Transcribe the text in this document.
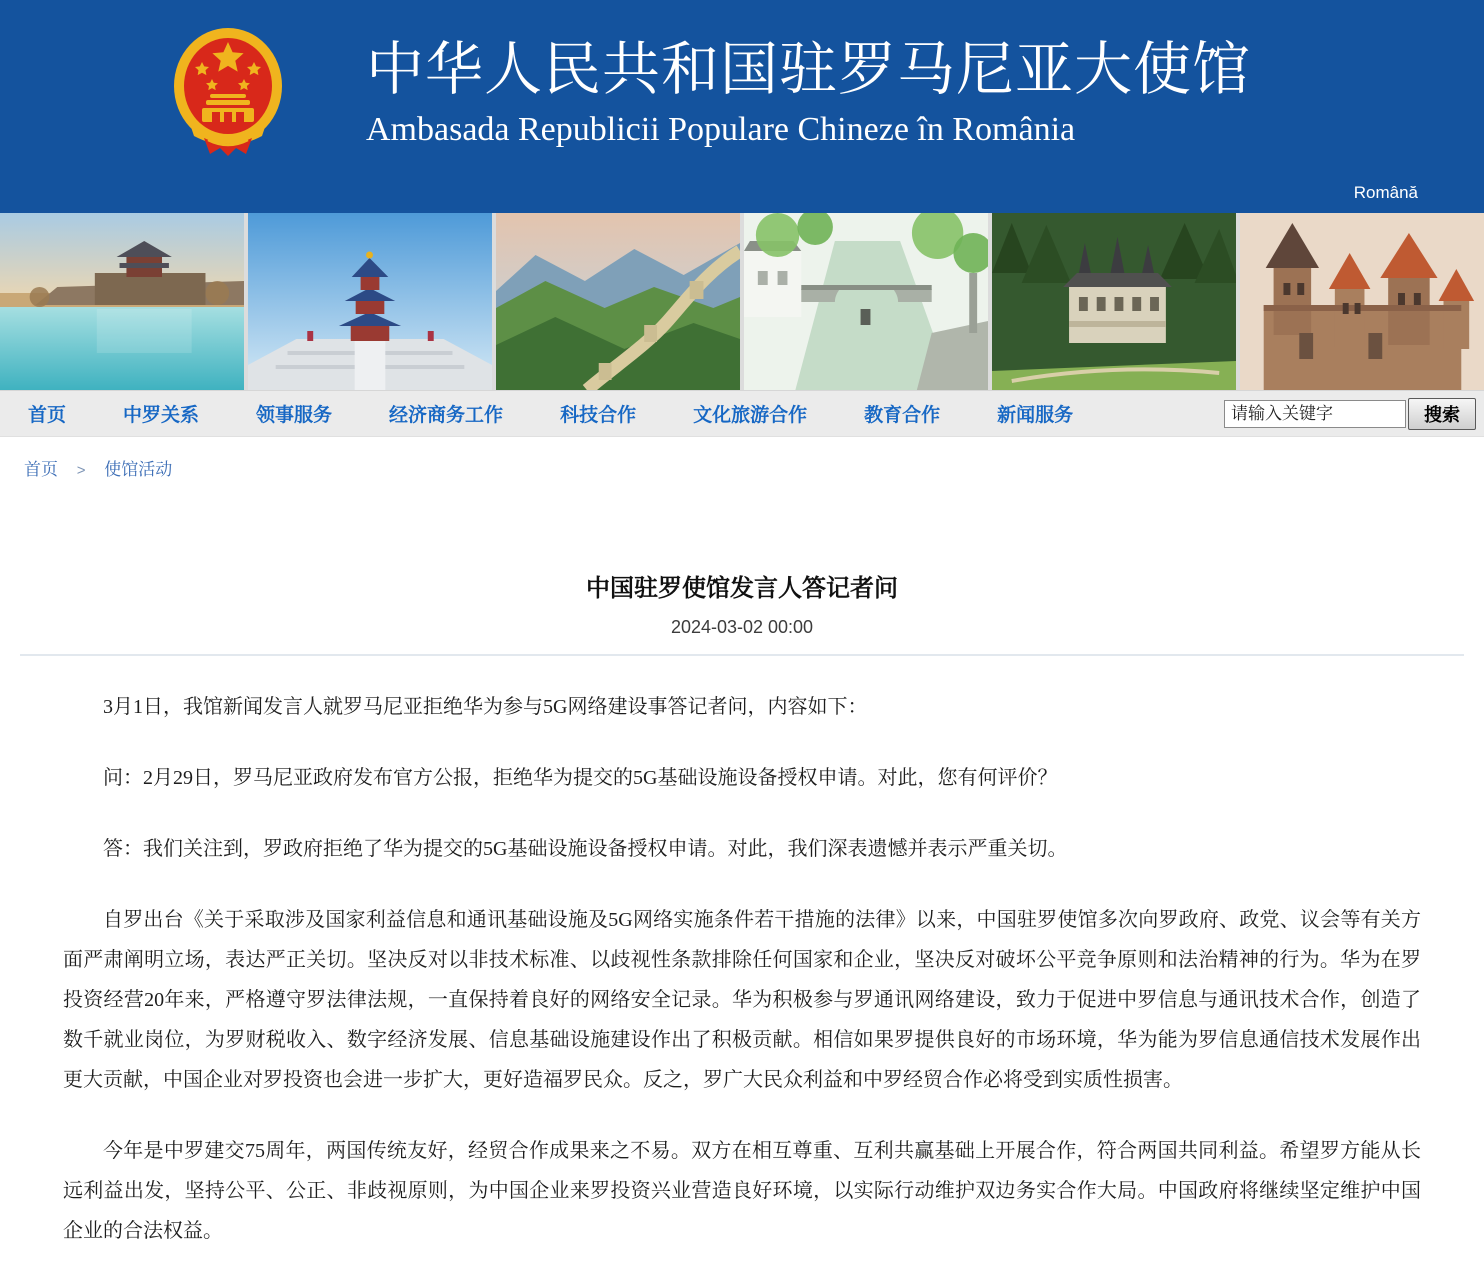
中华人民共和国驻罗马尼亚大使馆
Ambasada Republicii Populare Chineze în România
Română
首页	中罗关系	领事服务	经济商务工作	科技合作	文化旅游合作	教育合作	新闻服务
请输入关键字	搜索
首页 > 使馆活动
中国驻罗使馆发言人答记者问
2024-03-02 00:00

3月1日，我馆新闻发言人就罗马尼亚拒绝华为参与5G网络建设事答记者问，内容如下：

问：2月29日，罗马尼亚政府发布官方公报，拒绝华为提交的5G基础设施设备授权申请。对此，您有何评价？

答：我们关注到，罗政府拒绝了华为提交的5G基础设施设备授权申请。对此，我们深表遗憾并表示严重关切。

自罗出台《关于采取涉及国家利益信息和通讯基础设施及5G网络实施条件若干措施的法律》以来，中国驻罗使馆多次向罗政府、政党、议会等有关方面严肃阐明立场，表达严正关切。坚决反对以非技术标准、以歧视性条款排除任何国家和企业，坚决反对破坏公平竞争原则和法治精神的行为。华为在罗投资经营20年来，严格遵守罗法律法规，一直保持着良好的网络安全记录。华为积极参与罗通讯网络建设，致力于促进中罗信息与通讯技术合作，创造了数千就业岗位，为罗财税收入、数字经济发展、信息基础设施建设作出了积极贡献。相信如果罗提供良好的市场环境，华为能为罗信息通信技术发展作出更大贡献，中国企业对罗投资也会进一步扩大，更好造福罗民众。反之，罗广大民众利益和中罗经贸合作必将受到实质性损害。

今年是中罗建交75周年，两国传统友好，经贸合作成果来之不易。双方在相互尊重、互利共赢基础上开展合作，符合两国共同利益。希望罗方能从长远利益出发，坚持公平、公正、非歧视原则，为中国企业来罗投资兴业营造良好环境，以实际行动维护双边务实合作大局。中国政府将继续坚定维护中国企业的合法权益。
